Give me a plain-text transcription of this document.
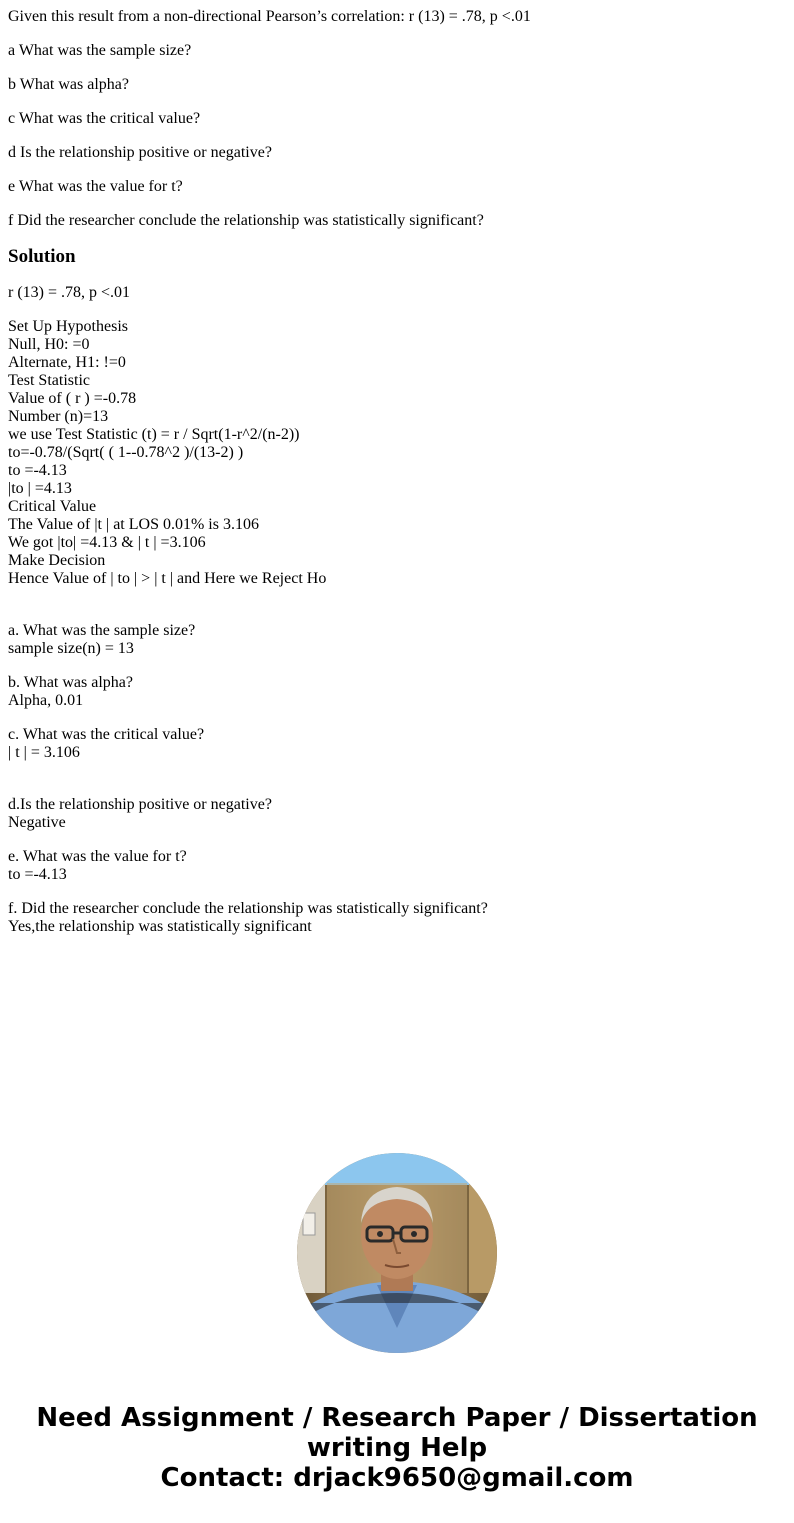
Given this result from a non-directional Pearson’s correlation: r (13) = .78, p <.01

a What was the sample size?

b What was alpha?

c What was the critical value?

d Is the relationship positive or negative?

e What was the value for t?

f Did the researcher conclude the relationship was statistically significant?

Solution

r (13) = .78, p <.01

Set Up Hypothesis
Null, H0: =0
Alternate, H1: !=0
Test Statistic
Value of ( r ) =-0.78
Number (n)=13
we use Test Statistic (t) = r / Sqrt(1-r^2/(n-2))
to=-0.78/(Sqrt( ( 1--0.78^2 )/(13-2) )
to =-4.13
|to | =4.13
Critical Value
The Value of |t | at LOS 0.01% is 3.106
We got |to| =4.13 & | t | =3.106
Make Decision
Hence Value of | to | > | t | and Here we Reject Ho

a. What was the sample size?
sample size(n) = 13

b. What was alpha?
Alpha, 0.01

c. What was the critical value?
| t | = 3.106

d.Is the relationship positive or negative?
Negative

e. What was the value for t?
to =-4.13

f. Did the researcher conclude the relationship was statistically significant?
Yes,the relationship was statistically significant

Need Assignment / Research Paper / Dissertation
writing Help
Contact: drjack9650@gmail.com
